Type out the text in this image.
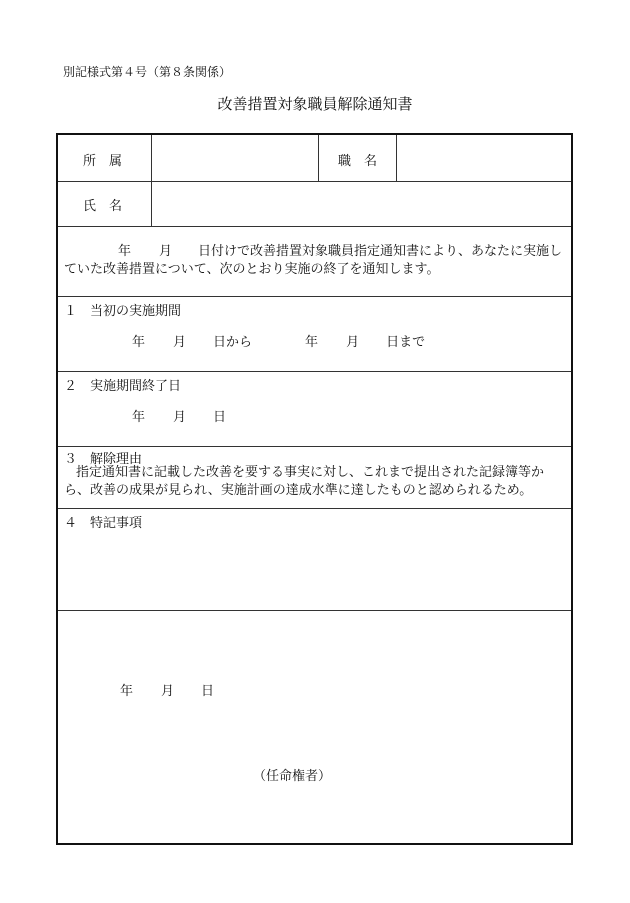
別記様式第４号（第８条関係）
改善措置対象職員解除通知書
所　属	職　名
氏　名
年 月 日付けで改善措置対象職員指定通知書により、あなたに実施し
ていた改善措置について、次のとおり実施の終了を通知します。
１　当初の実施期間
年 月 日から	年 月 日まで
２　実施期間終了日
年 月 日
３　解除理由
指定通知書に記載した改善を要する事実に対し、これまで提出された記録簿等か
ら、改善の成果が見られ、実施計画の達成水準に達したものと認められるため。
４　特記事項
年 月 日
（任命権者）
